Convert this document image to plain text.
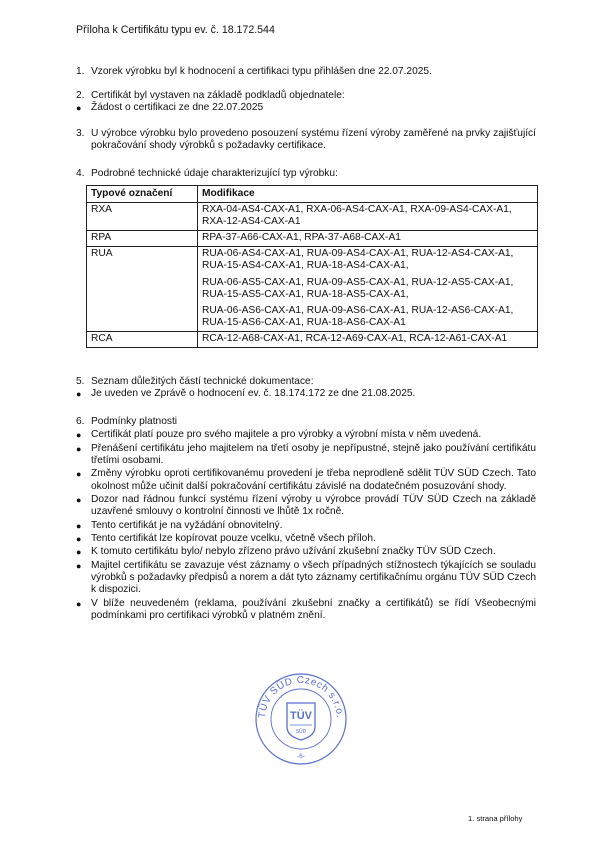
Příloha k Certifikátu typu ev. č. 18.172.544
1. Vzorek výrobku byl k hodnocení a certifikaci typu přihlášen dne 22.07.2025.
2. Certifikát byl vystaven na základě podkladů objednatele:
● Žádost o certifikaci ze dne 22.07.2025
3. U výrobce výrobku bylo provedeno posouzení systému řízení výroby zaměřené na prvky zajišťující pokračování shody výrobků s požadavky certifikace.
4. Podrobné technické údaje charakterizující typ výrobku:
Typové označení	Modifikace
RXA	RXA-04-AS4-CAX-A1, RXA-06-AS4-CAX-A1, RXA-09-AS4-CAX-A1, RXA-12-AS4-CAX-A1

RPA	RPA-37-A66-CAX-A1, RPA-37-A68-CAX-A1

RUA	RUA-06-AS4-CAX-A1, RUA-09-AS4-CAX-A1, RUA-12-AS4-CAX-A1, RUA-15-AS4-CAX-A1, RUA-18-AS4-CAX-A1,
RUA-06-AS5-CAX-A1, RUA-09-AS5-CAX-A1, RUA-12-AS5-CAX-A1, RUA-15-AS5-CAX-A1, RUA-18-AS5-CAX-A1,
RUA-06-AS6-CAX-A1, RUA-09-AS6-CAX-A1, RUA-12-AS6-CAX-A1, RUA-15-AS6-CAX-A1, RUA-18-AS6-CAX-A1

RCA	RCA-12-A68-CAX-A1, RCA-12-A69-CAX-A1, RCA-12-A61-CAX-A1
5. Seznam důležitých částí technické dokumentace:
● Je uveden ve Zprávě o hodnocení ev. č. 18.174.172 ze dne 21.08.2025.
6. Podmínky platnosti
● Certifikát platí pouze pro svého majitele a pro výrobky a výrobní místa v něm uvedená.
● Přenášení certifikátu jeho majitelem na třetí osoby je nepřípustné, stejně jako používání certifikátu třetími osobami.
● Změny výrobku oproti certifikovanému provedení je třeba neprodleně sdělit TÜV SÜD Czech. Tato okolnost může učinit další pokračování certifikátu závislé na dodatečném posuzování shody.
● Dozor nad řádnou funkcí systému řízení výroby u výrobce provádí TÜV SÜD Czech na základě uzavřené smlouvy o kontrolní činnosti ve lhůtě 1x ročně.
● Tento certifikát je na vyžádání obnovitelný.
● Tento certifikát lze kopírovat pouze vcelku, včetně všech příloh.
● K tomuto certifikátu bylo/ nebylo zřízeno právo užívání zkušební značky TÜV SÜD Czech.
● Majitel certifikátu se zavazuje vést záznamy o všech případných stížnostech týkajících se souladu výrobků s požadavky předpisů a norem a dát tyto záznamy certifikačnímu orgánu TÜV SÜD Czech k dispozici.
● V blíže neuvedeném (reklama, používání zkušební značky a certifikátů) se řídí Všeobecnými podmínkami pro certifikaci výrobků v platném znění.
TÜV SÜD Czech s.r.o.
TÜV
SÜD
-6-
1. strana přílohy
